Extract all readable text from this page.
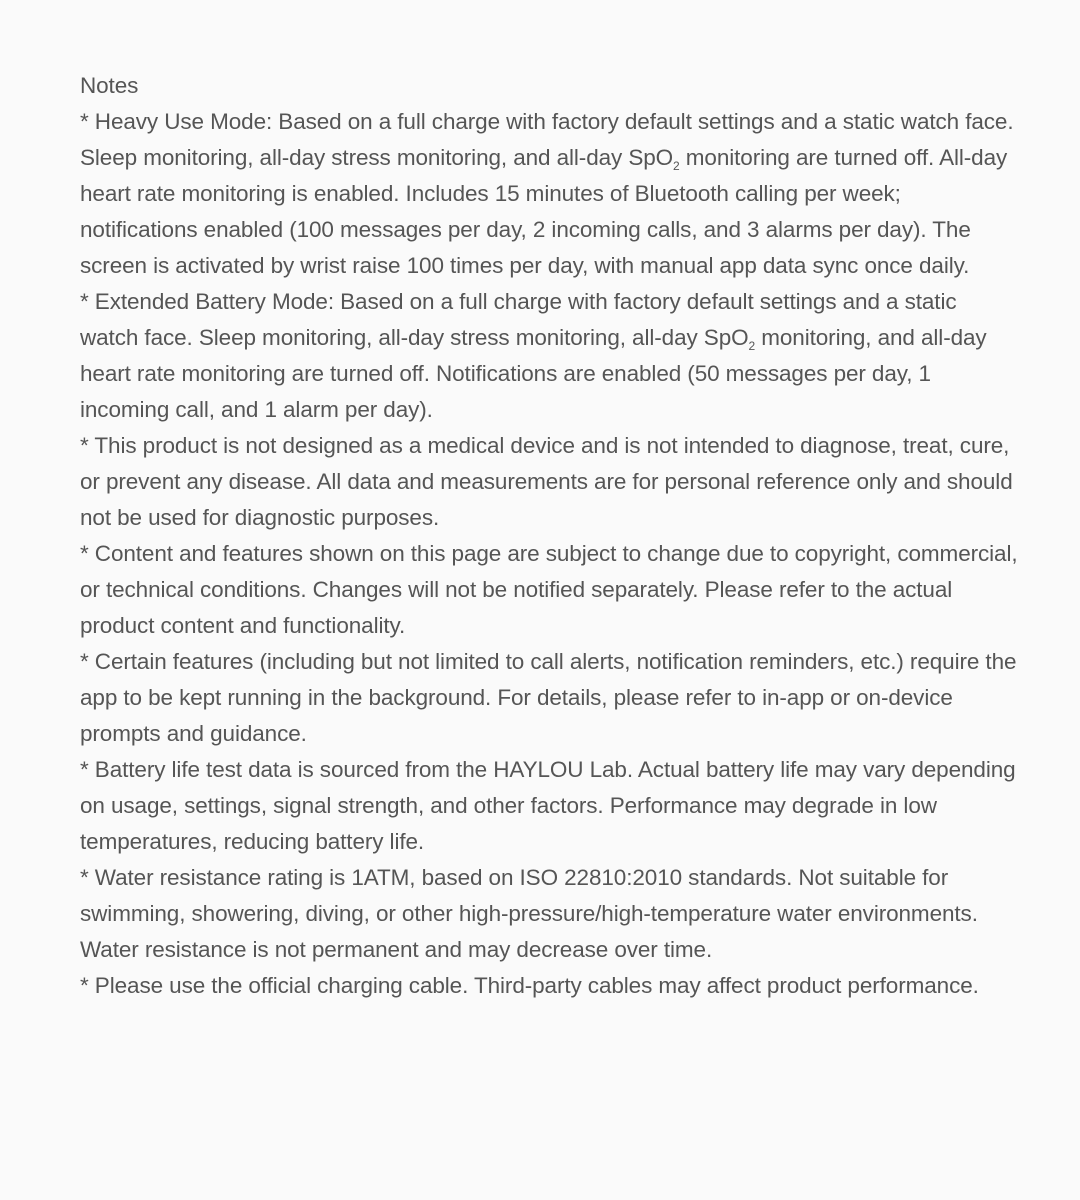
Notes

* Heavy Use Mode: Based on a full charge with factory default settings and a static watch face. Sleep monitoring, all-day stress monitoring, and all-day SpO$_2$ monitoring are turned off. All-day heart rate monitoring is enabled. Includes 15 minutes of Bluetooth calling per week; notifications enabled (100 messages per day, 2 incoming calls, and 3 alarms per day). The screen is activated by wrist raise 100 times per day, with manual app data sync once daily.

* Extended Battery Mode: Based on a full charge with factory default settings and a static watch face. Sleep monitoring, all-day stress monitoring, all-day SpO$_2$ monitoring, and all-day heart rate monitoring are turned off. Notifications are enabled (50 messages per day, 1 incoming call, and 1 alarm per day).

* This product is not designed as a medical device and is not intended to diagnose, treat, cure, or prevent any disease. All data and measurements are for personal reference only and should not be used for diagnostic purposes.

* Content and features shown on this page are subject to change due to copyright, commercial, or technical conditions. Changes will not be notified separately. Please refer to the actual product content and functionality.

* Certain features (including but not limited to call alerts, notification reminders, etc.) require the app to be kept running in the background. For details, please refer to in-app or on-device prompts and guidance.

* Battery life test data is sourced from the HAYLOU Lab. Actual battery life may vary depending on usage, settings, signal strength, and other factors. Performance may degrade in low temperatures, reducing battery life.

* Water resistance rating is 1ATM, based on ISO 22810:2010 standards. Not suitable for swimming, showering, diving, or other high-pressure/high-temperature water environments. Water resistance is not permanent and may decrease over time.

* Please use the official charging cable. Third-party cables may affect product performance.
